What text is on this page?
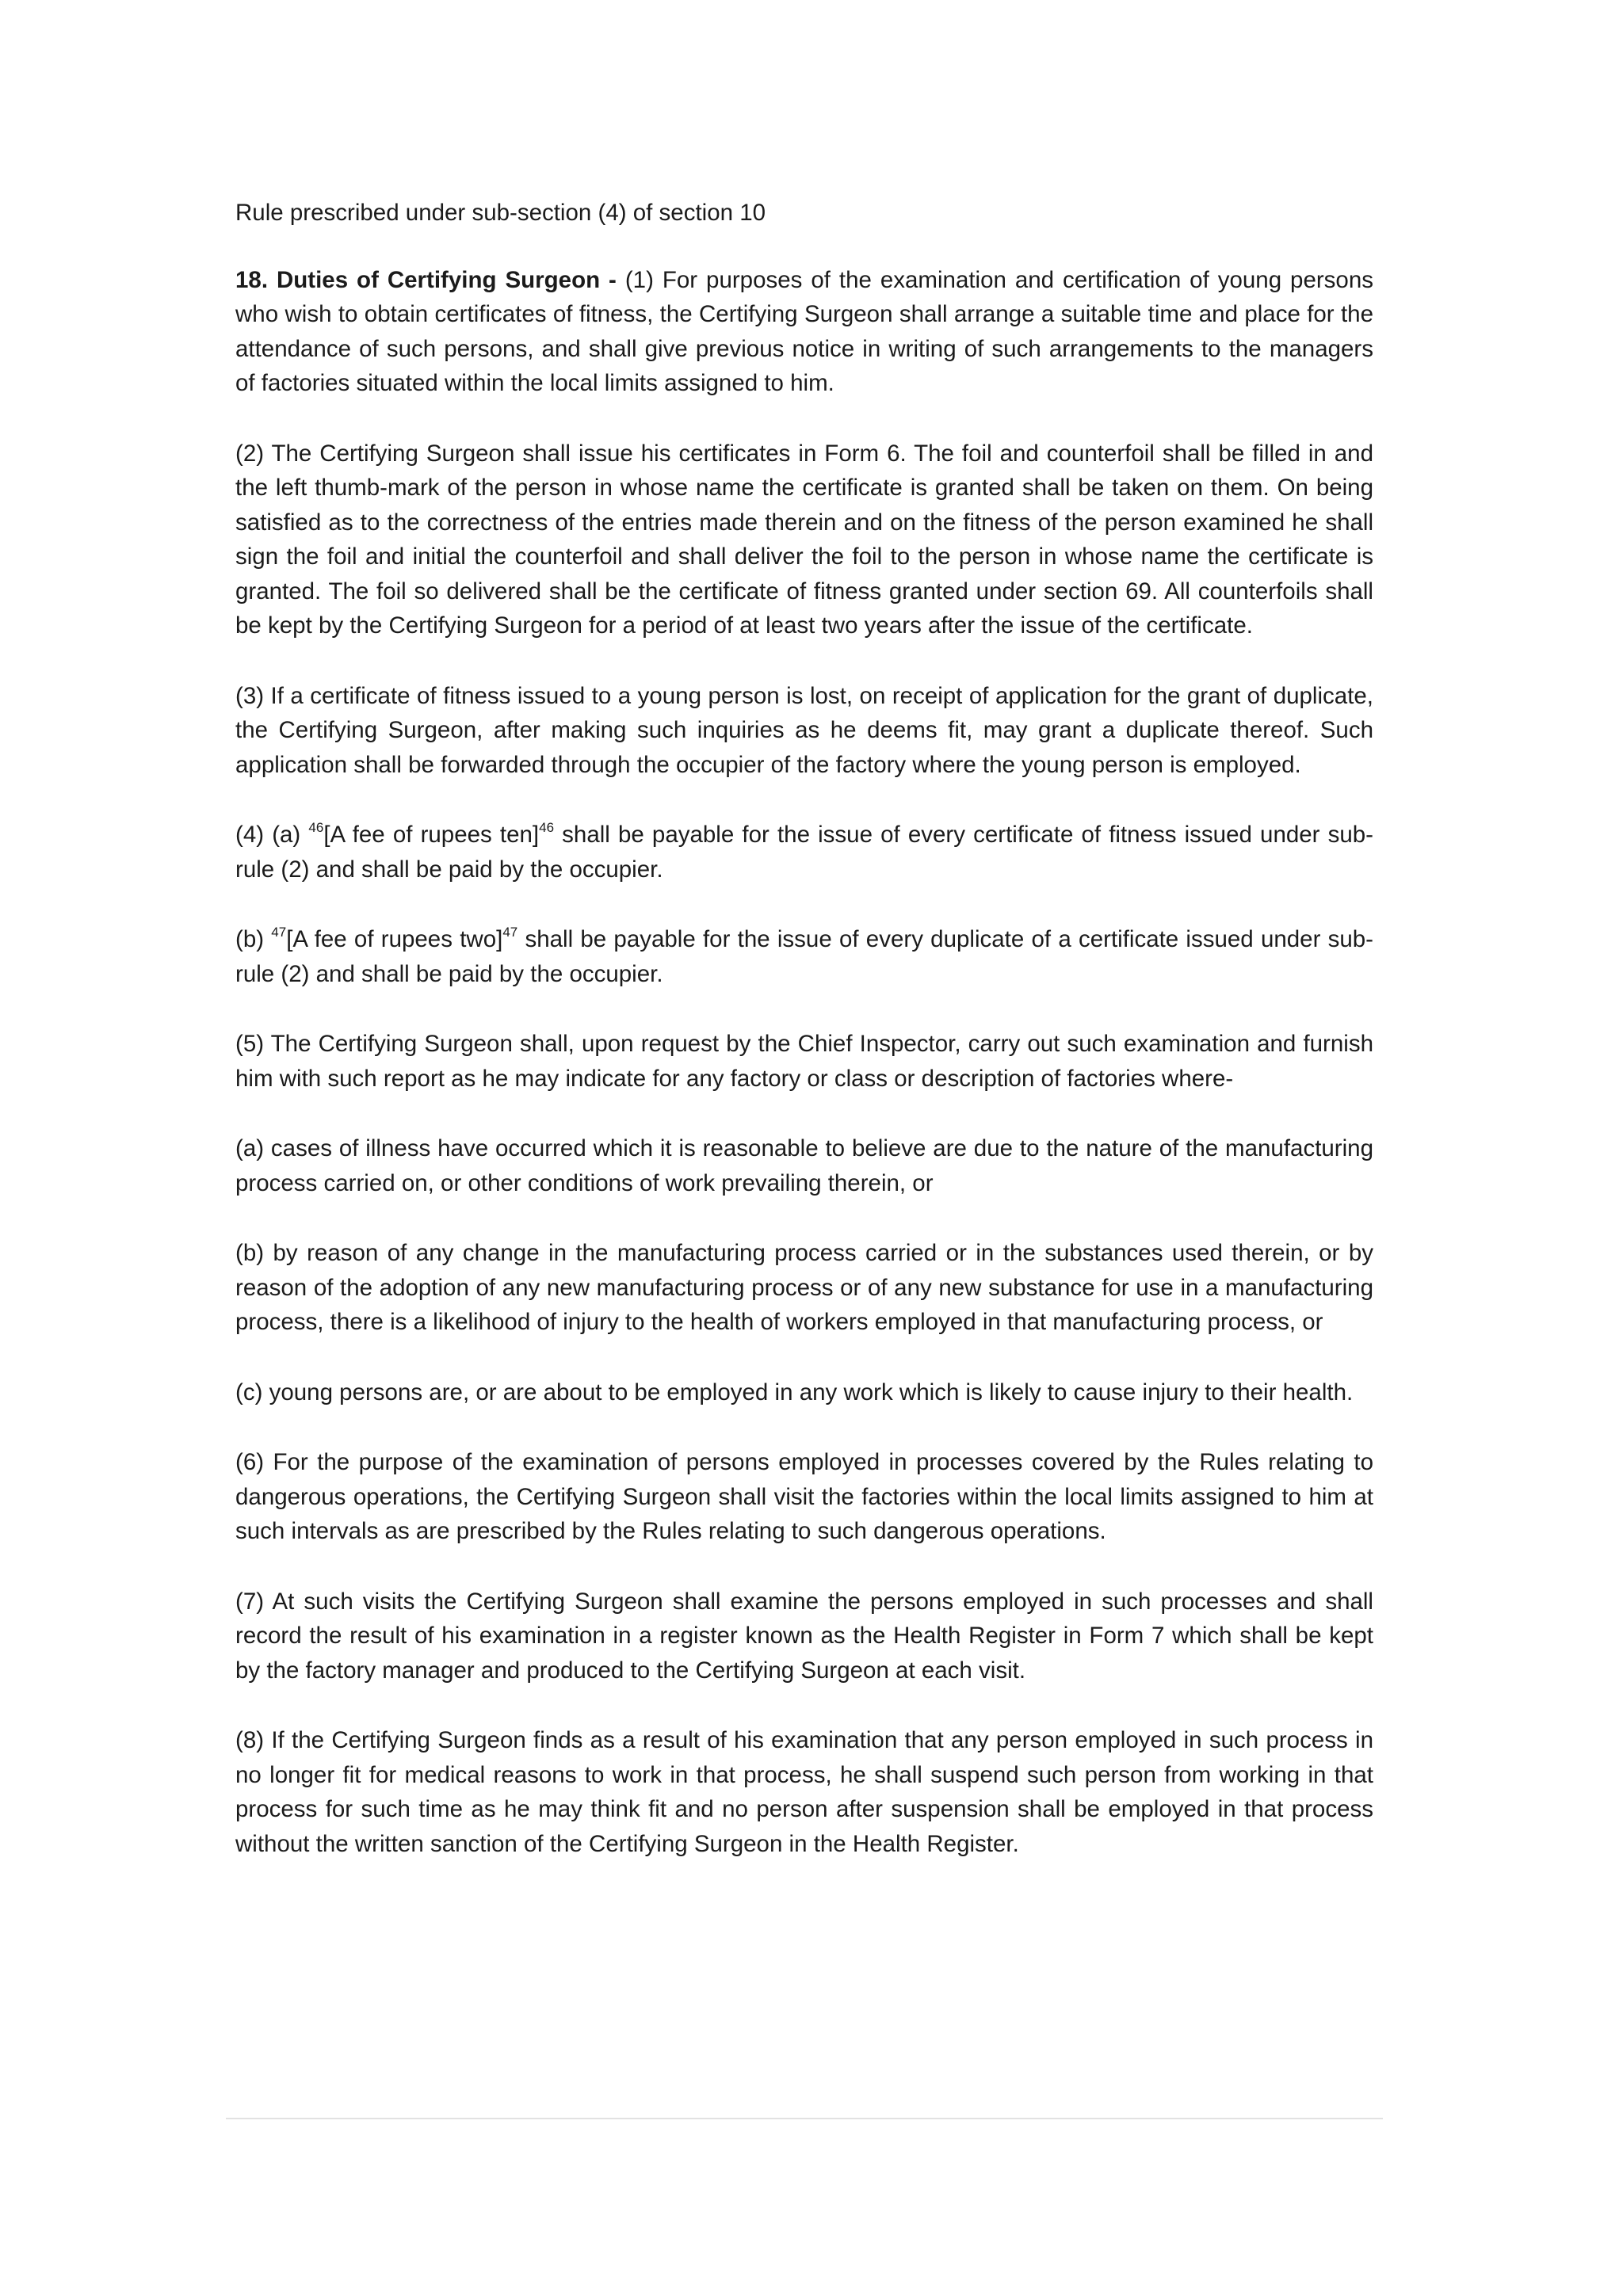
Rule prescribed under sub-section (4) of section 10

18. Duties of Certifying Surgeon - (1) For purposes of the examination and certification of young persons who wish to obtain certificates of fitness, the Certifying Surgeon shall arrange a suitable time and place for the attendance of such persons, and shall give previous notice in writing of such arrangements to the managers of factories situated within the local limits assigned to him.

(2) The Certifying Surgeon shall issue his certificates in Form 6. The foil and counterfoil shall be filled in and the left thumb-mark of the person in whose name the certificate is granted shall be taken on them. On being satisfied as to the correctness of the entries made therein and on the fitness of the person examined he shall sign the foil and initial the counterfoil and shall deliver the foil to the person in whose name the certificate is granted. The foil so delivered shall be the certificate of fitness granted under section 69. All counterfoils shall be kept by the Certifying Surgeon for a period of at least two years after the issue of the certificate.

(3) If a certificate of fitness issued to a young person is lost, on receipt of application for the grant of duplicate, the Certifying Surgeon, after making such inquiries as he deems fit, may grant a duplicate thereof. Such application shall be forwarded through the occupier of the factory where the young person is employed.

(4) (a) $^{46}$[A fee of rupees ten]$^{46}$ shall be payable for the issue of every certificate of fitness issued under sub-rule (2) and shall be paid by the occupier.

(b) $^{47}$[A fee of rupees two]$^{47}$ shall be payable for the issue of every duplicate of a certificate issued under sub-rule (2) and shall be paid by the occupier.

(5) The Certifying Surgeon shall, upon request by the Chief Inspector, carry out such examination and furnish him with such report as he may indicate for any factory or class or description of factories where-

(a) cases of illness have occurred which it is reasonable to believe are due to the nature of the manufacturing process carried on, or other conditions of work prevailing therein, or

(b) by reason of any change in the manufacturing process carried or in the substances used therein, or by reason of the adoption of any new manufacturing process or of any new substance for use in a manufacturing process, there is a likelihood of injury to the health of workers employed in that manufacturing process, or

(c) young persons are, or are about to be employed in any work which is likely to cause injury to their health.

(6) For the purpose of the examination of persons employed in processes covered by the Rules relating to dangerous operations, the Certifying Surgeon shall visit the factories within the local limits assigned to him at such intervals as are prescribed by the Rules relating to such dangerous operations.

(7) At such visits the Certifying Surgeon shall examine the persons employed in such processes and shall record the result of his examination in a register known as the Health Register in Form 7 which shall be kept by the factory manager and produced to the Certifying Surgeon at each visit.

(8) If the Certifying Surgeon finds as a result of his examination that any person employed in such process in no longer fit for medical reasons to work in that process, he shall suspend such person from working in that process for such time as he may think fit and no person after suspension shall be employed in that process without the written sanction of the Certifying Surgeon in the Health Register.
